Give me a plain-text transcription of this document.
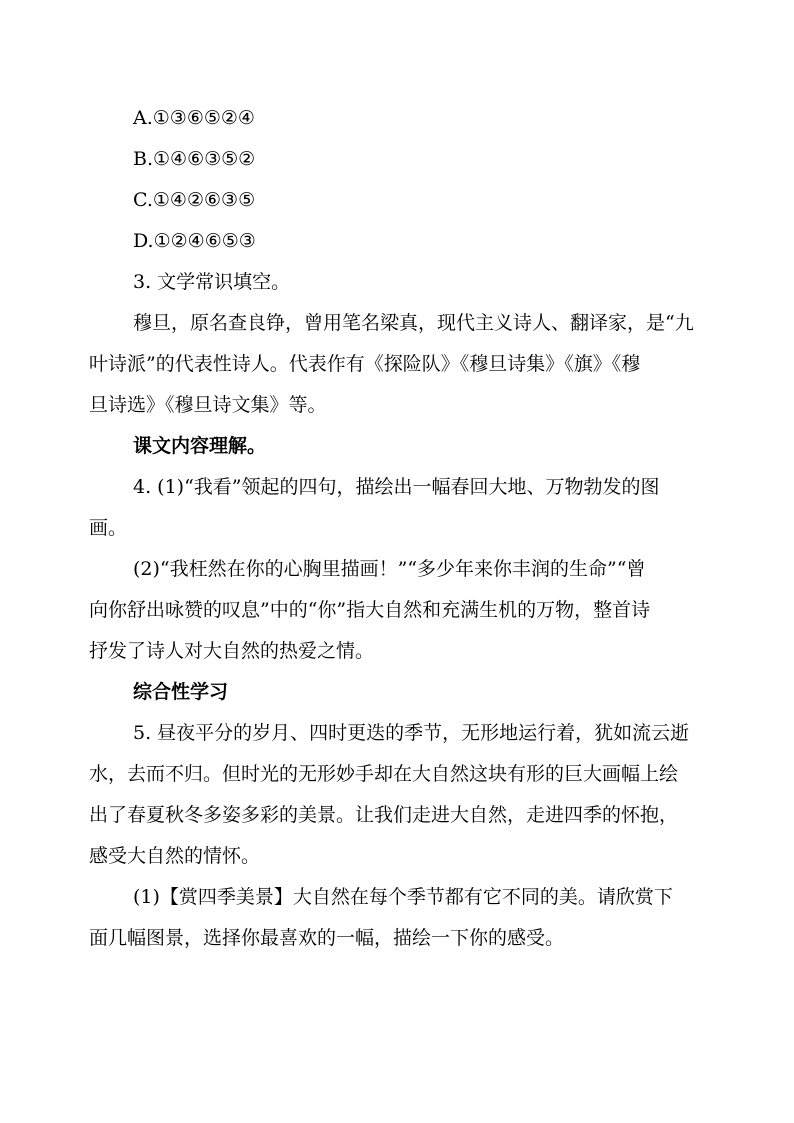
A.①③⑥⑤②④
B.①④⑥③⑤②
C.①④②⑥③⑤
D.①②④⑥⑤③
3. 文学常识填空。
穆旦，原名查良铮，曾用笔名梁真，现代主义诗人、翻译家，是“九
叶诗派”的代表性诗人。代表作有《探险队》《穆旦诗集》《旗》《穆
旦诗选》《穆旦诗文集》等。
课文内容理解。
4. (1)“我看”领起的四句，描绘出一幅春回大地、万物勃发的图
画。
(2)“我枉然在你的心胸里描画！”“多少年来你丰润的生命”“曾
向你舒出咏赞的叹息”中的“你”指大自然和充满生机的万物，整首诗
抒发了诗人对大自然的热爱之情。
综合性学习
5. 昼夜平分的岁月、四时更迭的季节，无形地运行着，犹如流云逝
水，去而不归。但时光的无形妙手却在大自然这块有形的巨大画幅上绘
出了春夏秋冬多姿多彩的美景。让我们走进大自然，走进四季的怀抱，
感受大自然的情怀。
(1)【赏四季美景】大自然在每个季节都有它不同的美。请欣赏下
面几幅图景，选择你最喜欢的一幅，描绘一下你的感受。
